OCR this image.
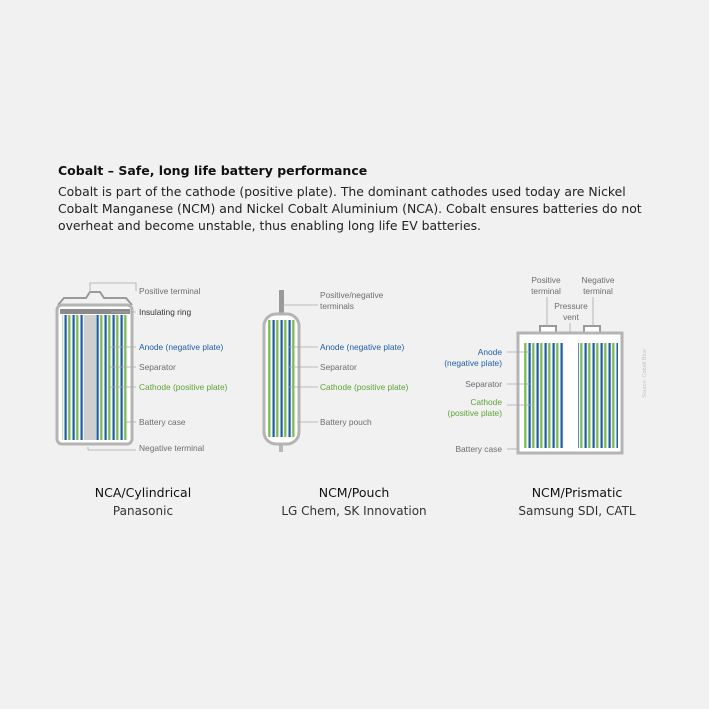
Cobalt – Safe, long life battery performance

Cobalt is part of the cathode (positive plate). The dominant cathodes used today are Nickel Cobalt Manganese (NCM) and Nickel Cobalt Aluminium (NCA). Cobalt ensures batteries do not overheat and become unstable, thus enabling long life EV batteries.

Positive terminal
Insulating ring
Anode (negative plate)
Separator
Cathode (positive plate)
Battery case
Negative terminal
Positive/negative
terminals
Anode (negative plate)
Separator
Cathode (positive plate)
Battery pouch
Positive
terminal
Negative
terminal
Pressure
vent
Anode
(negative plate)
Separator
Cathode
(positive plate)
Battery case
Source: Cobalt Blue
NCA/Cylindrical
Panasonic
NCM/Pouch
LG Chem, SK Innovation
NCM/Prismatic
Samsung SDI, CATL
